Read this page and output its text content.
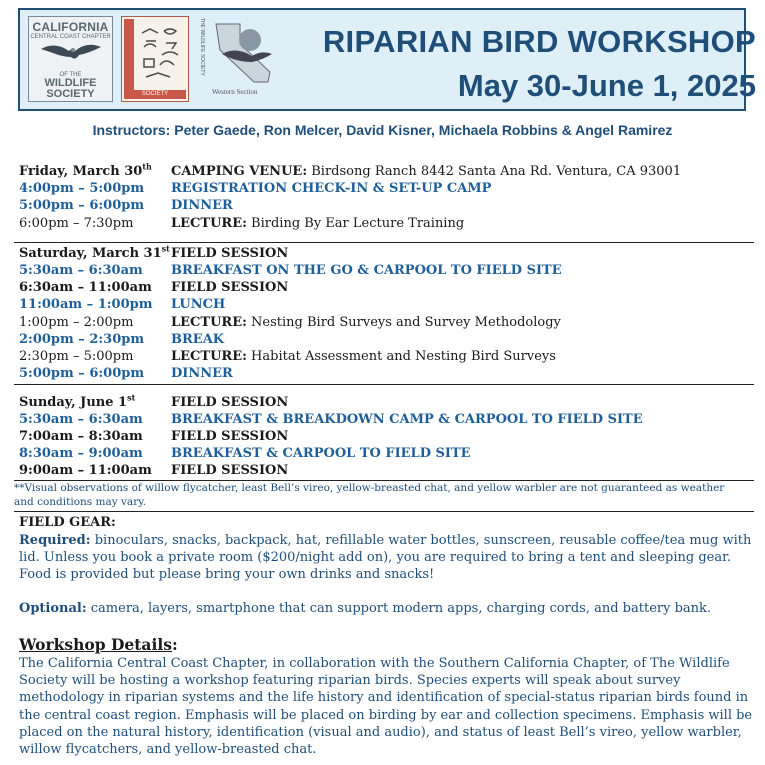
CALIFORNIA
CENTRAL COAST CHAPTER
OF THE
WILDLIFE
SOCIETY	SOCIETY
THE WILDLIFE SOCIETY
Western Section
RIPARIAN BIRD WORKSHOP
May 30-June 1, 2025
Instructors: Peter Gaede, Ron Melcer, David Kisner, Michaela Robbins & Angel Ramirez
Friday, March 30th CAMPING VENUE: Birdsong Ranch 8442 Santa Ana Rd. Ventura, CA 93001
4:00pm – 5:00pm REGISTRATION CHECK-IN & SET-UP CAMP
5:00pm – 6:00pm DINNER
6:00pm – 7:30pm	LECTURE: Birding By Ear Lecture Training
Saturday, March 31st FIELD SESSION
5:30am – 6:30am BREAKFAST ON THE GO & CARPOOL TO FIELD SITE
6:30am – 11:00am FIELD SESSION
11:00am – 1:00pm LUNCH
1:00pm – 2:00pm	LECTURE: Nesting Bird Surveys and Survey Methodology
2:00pm – 2:30pm BREAK
2:30pm – 5:00pm	LECTURE: Habitat Assessment and Nesting Bird Surveys
5:00pm – 6:00pm DINNER
Sunday, June 1st	FIELD SESSION
5:30am – 6:30am BREAKFAST & BREAKDOWN CAMP & CARPOOL TO FIELD SITE
7:00am – 8:30am FIELD SESSION
8:30am – 9:00am BREAKFAST & CARPOOL TO FIELD SITE
9:00am – 11:00am FIELD SESSION
**Visual observations of willow flycatcher, least Bell’s vireo, yellow-breasted chat, and yellow warbler are not guaranteed as weather and conditions may vary.
FIELD GEAR:
Required: binoculars, snacks, backpack, hat, refillable water bottles, sunscreen, reusable coffee/tea mug with lid. Unless you book a private room ($200/night add on), you are required to bring a tent and sleeping gear. Food is provided but please bring your own drinks and snacks!
Optional: camera, layers, smartphone that can support modern apps, charging cords, and battery bank.
Workshop Details:
The California Central Coast Chapter, in collaboration with the Southern California Chapter, of The Wildlife Society will be hosting a workshop featuring riparian birds. Species experts will speak about survey methodology in riparian systems and the life history and identification of special-status riparian birds found in the central coast region. Emphasis will be placed on birding by ear and collection specimens. Emphasis will be placed on the natural history, identification (visual and audio), and status of least Bell’s vireo, yellow warbler, willow flycatchers, and yellow-breasted chat.
